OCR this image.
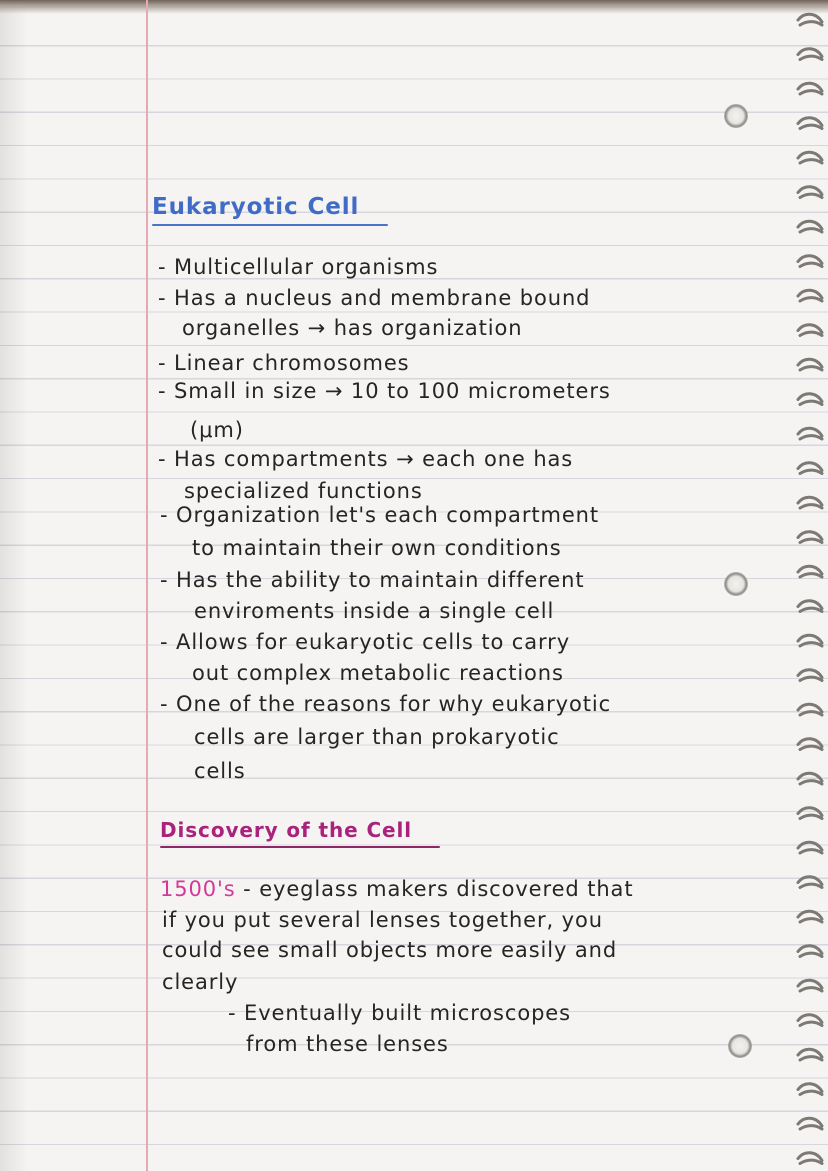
Eukaryotic Cell

- Multicellular organisms

- Has a nucleus and membrane bound

organelles → has organization

- Linear chromosomes

- Small in size → 10 to 100 micrometers

(μm)

- Has compartments → each one has

specialized functions

- Organization let's each compartment

to maintain their own conditions

- Has the ability to maintain different

enviroments inside a single cell

- Allows for eukaryotic cells to carry

out complex metabolic reactions

- One of the reasons for why eukaryotic

cells are larger than prokaryotic

cells

Discovery of the Cell

1500's - eyeglass makers discovered that

if you put several lenses together, you

could see small objects more easily and

clearly

- Eventually built microscopes

from these lenses
